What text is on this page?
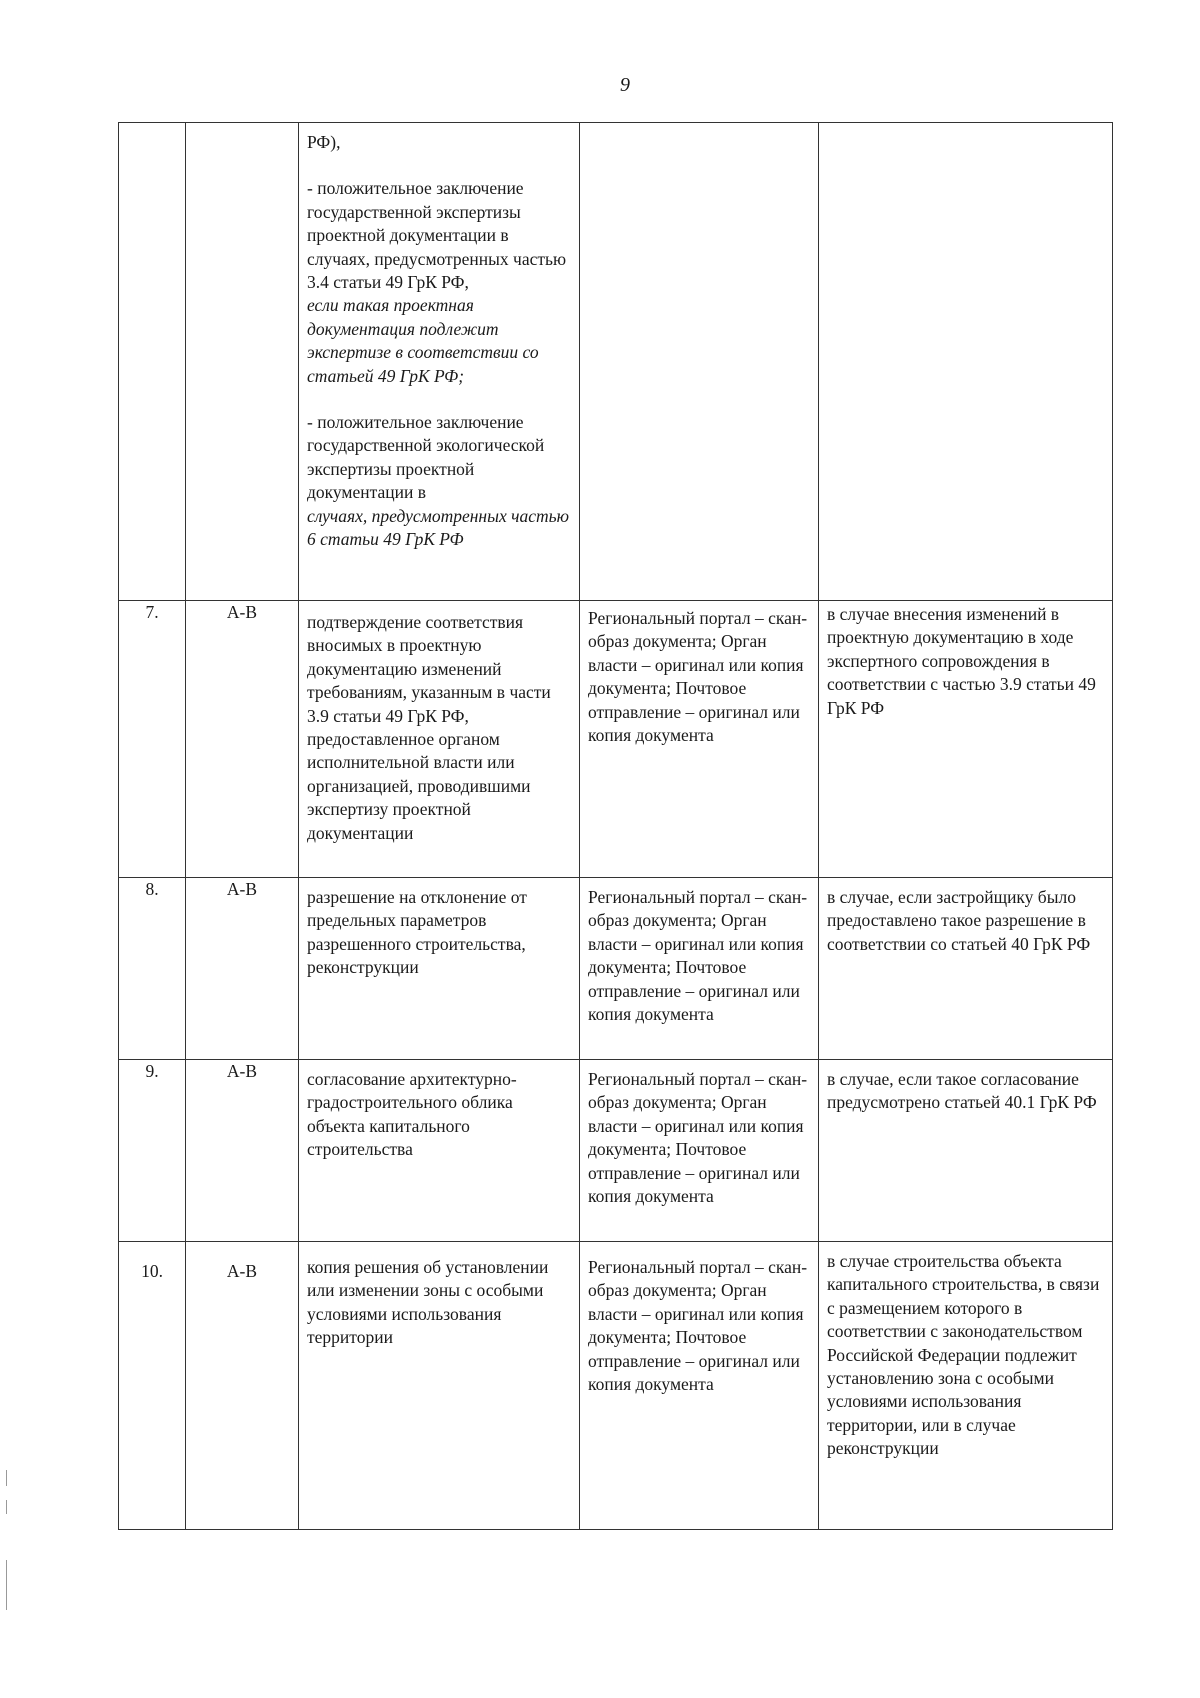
9

		РФ),

- положительное заключение государственной экспертизы проектной документации в случаях, предусмотренных частью 3.4 статьи 49 ГрК РФ,

если такая проектная документация подлежит экспертизе в соответствии со статьей 49 ГрК РФ;

- положительное заключение государственной экологической экспертизы проектной документации в

случаях, предусмотренных частью 6 статьи 49 ГрК РФ		

7.	А-В	подтверждение соответствия вносимых в проектную документацию изменений требованиям, указанным в части 3.9 статьи 49 ГрК РФ, предоставленное органом исполнительной власти или организацией, проводившими экспертизу проектной документации	Региональный портал – скан-образ документа; Орган власти – оригинал или копия документа; Почтовое отправление – оригинал или копия документа	в случае внесения изменений в проектную документацию в ходе экспертного сопровождения в соответствии с частью 3.9 статьи 49 ГрК РФ

8.	А-В	разрешение на отклонение от предельных параметров разрешенного строительства, реконструкции	Региональный портал – скан-образ документа; Орган власти – оригинал или копия документа; Почтовое отправление – оригинал или копия документа	в случае, если застройщику было предоставлено такое разрешение в соответствии со статьей 40 ГрК РФ

9.	А-В	согласование архитектурно-градостроительного облика объекта капитального строительства	Региональный портал – скан-образ документа; Орган власти – оригинал или копия документа; Почтовое отправление – оригинал или копия документа	в случае, если такое согласование предусмотрено статьей 40.1 ГрК РФ

10.	А-В	копия решения об установлении или изменении зоны с особыми условиями использования территории	Региональный портал – скан-образ документа; Орган власти – оригинал или копия документа; Почтовое отправление – оригинал или копия документа	в случае строительства объекта капитального строительства, в связи с размещением которого в соответствии с законодательством Российской Федерации подлежит установлению зона с особыми условиями использования территории, или в случае реконструкции
